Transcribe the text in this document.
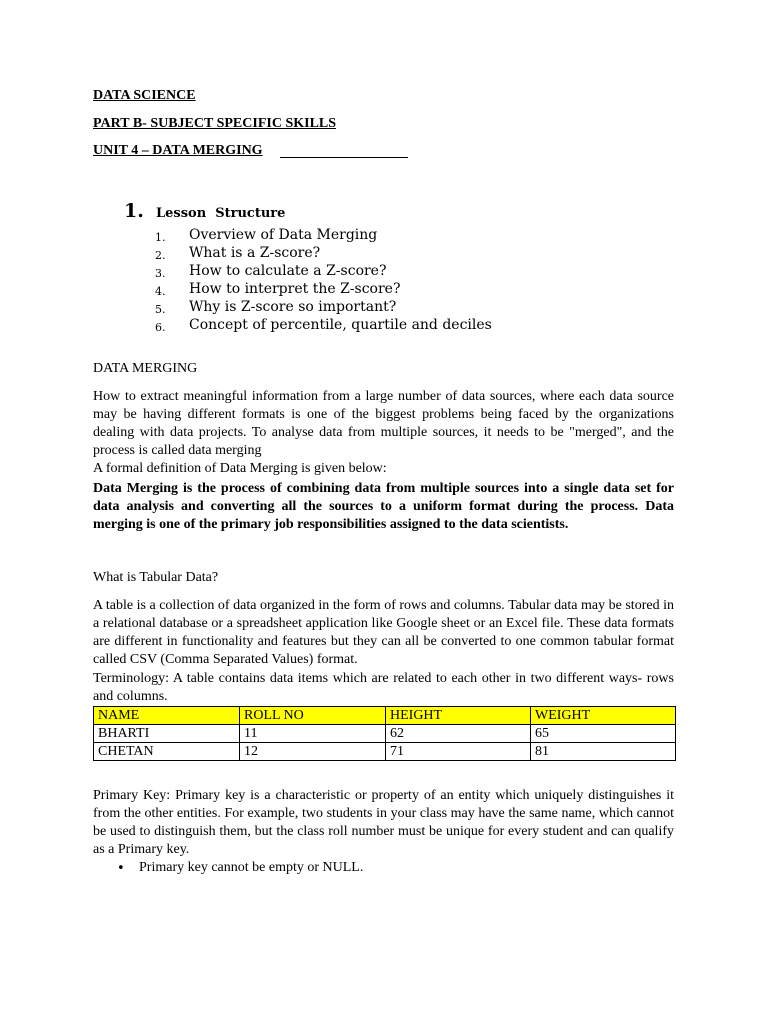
DATA SCIENCE
PART B- SUBJECT SPECIFIC SKILLS
UNIT 4 – DATA MERGING
1. Lesson  Structure
1. Overview of Data Merging
2. What is a Z-score?
3. How to calculate a Z-score?
4. How to interpret the Z-score?
5. Why is Z-score so important?
6. Concept of percentile, quartile and deciles
DATA MERGING
How to extract meaningful information from a large number of data sources, where each data source may be having different formats is one of the biggest problems being faced by the organizations dealing with data projects. To analyse data from multiple sources, it needs to be "merged", and the process is called data merging
A formal definition of Data Merging is given below:
Data Merging is the process of combining data from multiple sources into a single data set for data analysis and converting all the sources to a uniform format during the process. Data merging is one of the primary job responsibilities assigned to the data scientists.
What is Tabular Data?
A table is a collection of data organized in the form of rows and columns. Tabular data may be stored in a relational database or a spreadsheet application like Google sheet or an Excel file. These data formats are different in functionality and features but they can all be converted to one common tabular format called CSV (Comma Separated Values) format.
Terminology: A table contains data items which are related to each other in two different ways- rows and columns.
NAME	ROLL NO	HEIGHT	WEIGHT
BHARTI	11	62	65
CHETAN	12	71	81
Primary Key: Primary key is a characteristic or property of an entity which uniquely distinguishes it from the other entities. For example, two students in your class may have the same name, which cannot be used to distinguish them, but the class roll number must be unique for every student and can qualify as a Primary key.
• Primary key cannot be empty or NULL.
